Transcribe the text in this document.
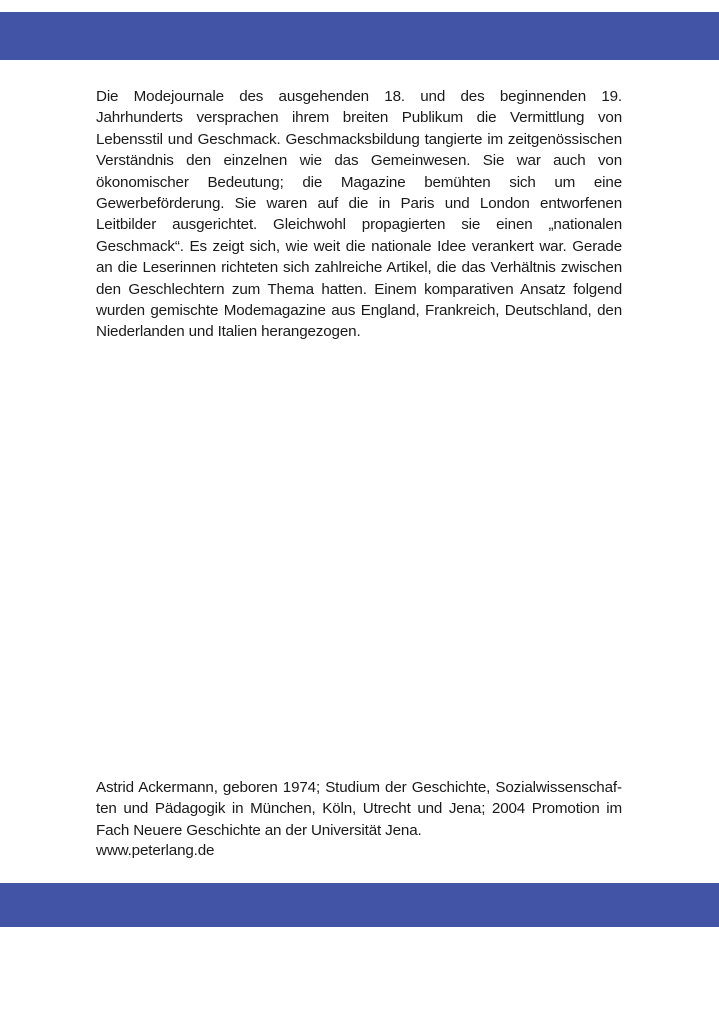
Die Modejournale des ausgehenden 18. und des beginnenden 19. Jahrhunderts versprachen ihrem breiten Publikum die Vermittlung von Lebensstil und Geschmack. Geschmacksbildung tangierte im zeitgenössischen Verständnis den einzelnen wie das Gemeinwesen. Sie war auch von ökonomischer Bedeutung; die Magazine bemühten sich um eine Gewerbeförderung. Sie waren auf die in Paris und London entworfenen Leitbilder ausgerichtet. Gleichwohl propagierten sie einen „nationalen Geschmack“. Es zeigt sich, wie weit die nationale Idee verankert war. Gerade an die Leserinnen richteten sich zahlreiche Artikel, die das Verhältnis zwischen den Geschlechtern zum Thema hatten. Einem komparativen Ansatz folgend wurden gemischte Modemagazine aus England, Frankreich, Deutschland, den Niederlanden und Italien herangezogen.

Astrid Ackermann, geboren 1974; Studium der Geschichte, Sozialwissenschaften und Pädagogik in München, Köln, Utrecht und Jena; 2004 Promotion im Fach Neuere Geschichte an der Universität Jena.

www.peterlang.de
